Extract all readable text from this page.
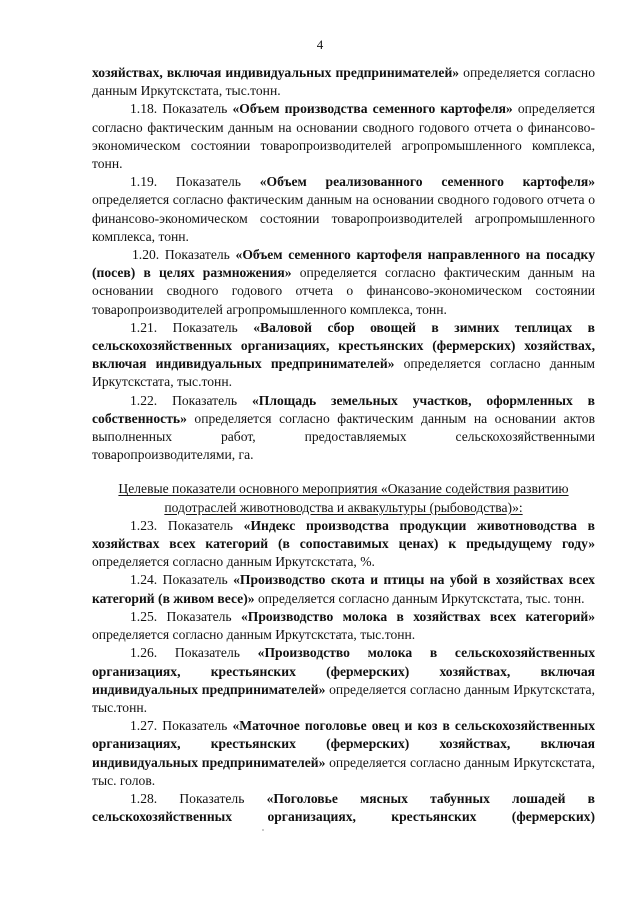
4

хозяйствах, включая индивидуальных предпринимателей» определяется согласно данным Иркутскстата, тыс.тонн.

1.18. Показатель «Объем производства семенного картофеля» определяется согласно фактическим данным на основании сводного годового отчета о финансово-экономическом состоянии товаропроизводителей агропромышленного комплекса, тонн.

1.19. Показатель «Объем реализованного семенного картофеля» определяется согласно фактическим данным на основании сводного годового отчета о финансово-экономическом состоянии товаропроизводителей агропромышленного комплекса, тонн.

1.20. Показатель «Объем семенного картофеля направленного на посадку (посев) в целях размножения» определяется согласно фактическим данным на основании сводного годового отчета о финансово-экономическом состоянии товаропроизводителей агропромышленного комплекса, тонн.

1.21. Показатель «Валовой сбор овощей в зимних теплицах в сельскохозяйственных организациях, крестьянских (фермерских) хозяйствах, включая индивидуальных предпринимателей» определяется согласно данным Иркутскстата, тыс.тонн.

1.22. Показатель «Площадь земельных участков, оформленных в собственность» определяется согласно фактическим данным на основании актов выполненных работ, предоставляемых сельскохозяйственными товаропроизводителями, га.

Целевые показатели основного мероприятия «Оказание содействия развитию подотраслей животноводства и аквакультуры (рыбоводства)»:

1.23. Показатель «Индекс производства продукции животноводства в хозяйствах всех категорий (в сопоставимых ценах) к предыдущему году» определяется согласно данным Иркутскстата, %.

1.24. Показатель «Производство скота и птицы на убой в хозяйствах всех категорий (в живом весе)» определяется согласно данным Иркутскстата, тыс. тонн.

1.25. Показатель «Производство молока в хозяйствах всех категорий» определяется согласно данным Иркутскстата, тыс.тонн.

1.26. Показатель «Производство молока в сельскохозяйственных организациях, крестьянских (фермерских) хозяйствах, включая индивидуальных предпринимателей» определяется согласно данным Иркутскстата, тыс.тонн.

1.27. Показатель «Маточное поголовье овец и коз в сельскохозяйственных организациях, крестьянских (фермерских) хозяйствах, включая индивидуальных предпринимателей» определяется согласно данным Иркутскстата, тыс. голов.

1.28. Показатель «Поголовье мясных табунных лошадей в сельскохозяйственных организациях, крестьянских (фермерских)
